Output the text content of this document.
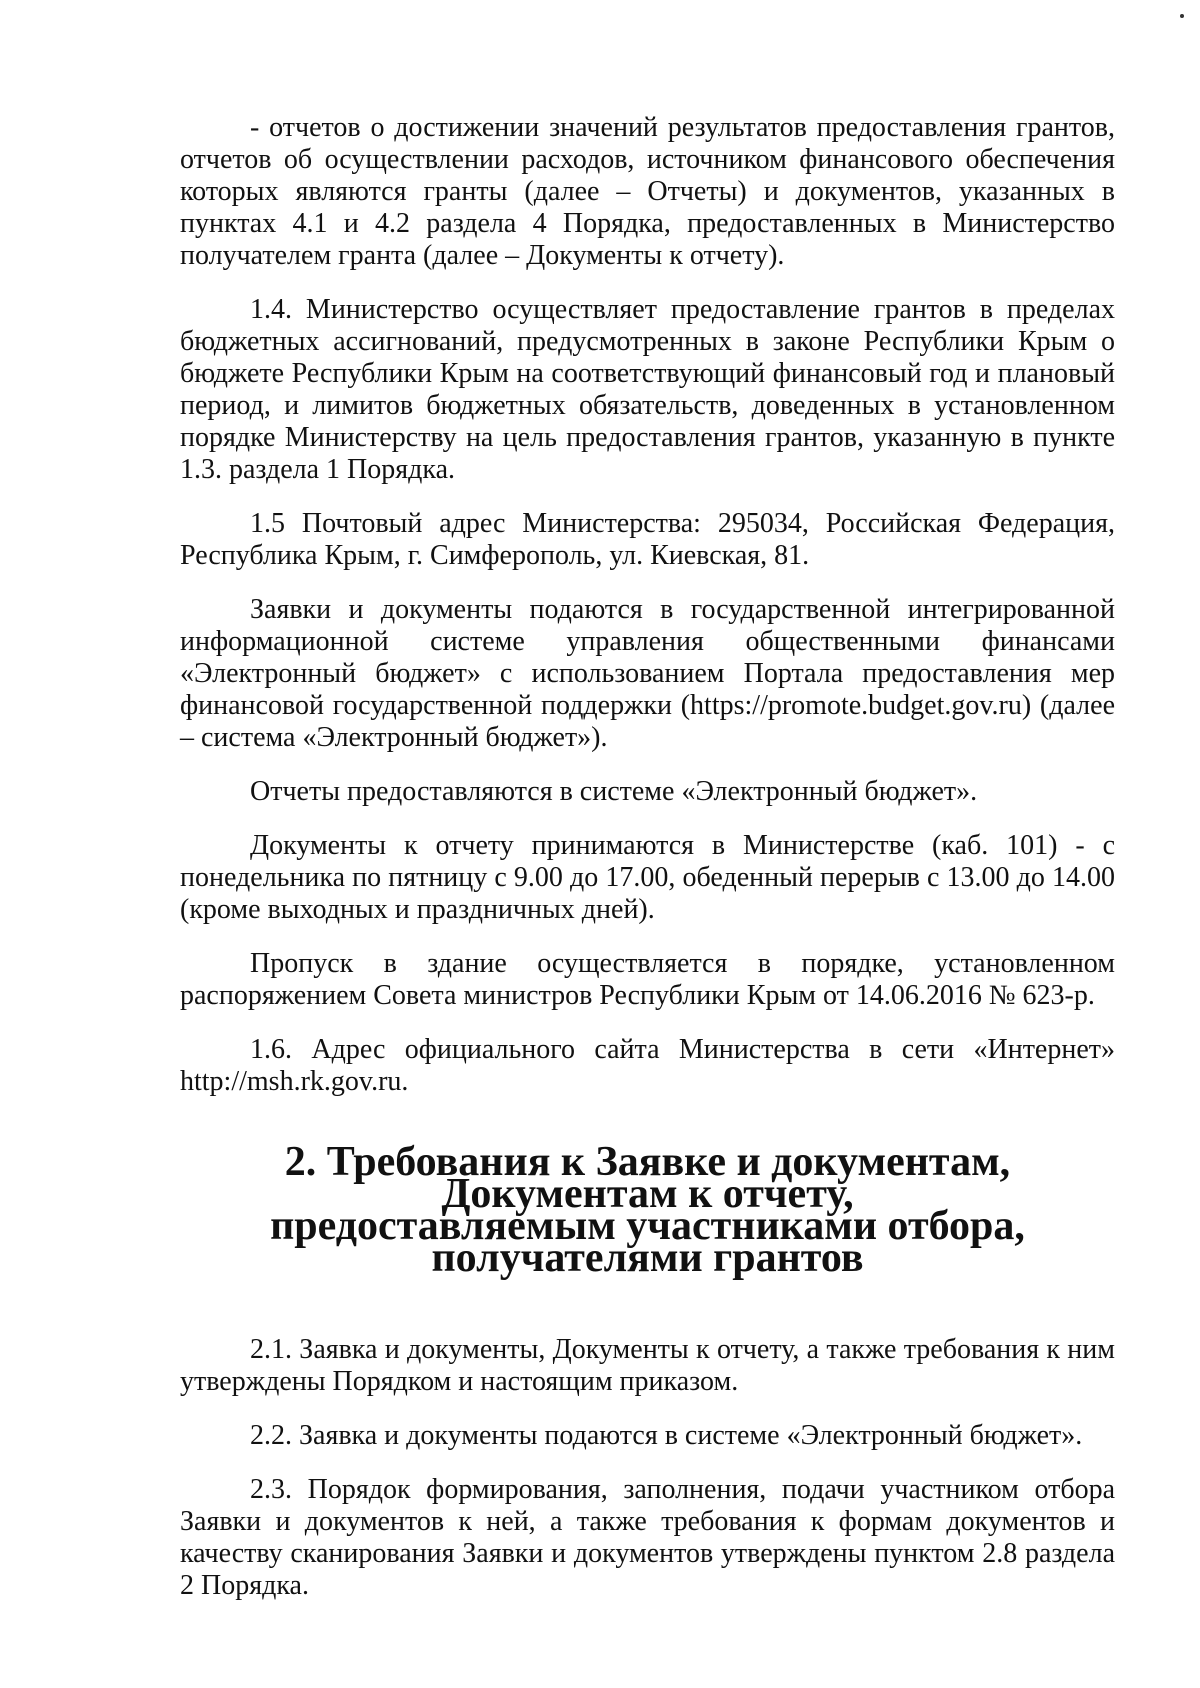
- отчетов о достижении значений результатов предоставления грантов, отчетов об осуществлении расходов, источником финансового обеспечения которых являются гранты (далее – Отчеты) и документов, указанных в пунктах 4.1 и 4.2 раздела 4 Порядка, предоставленных в Министерство получателем гранта (далее – Документы к отчету).

1.4. Министерство осуществляет предоставление грантов в пределах бюджетных ассигнований, предусмотренных в законе Республики Крым о бюджете Республики Крым на соответствующий финансовый год и плановый период, и лимитов бюджетных обязательств, доведенных в установленном порядке Министерству на цель предоставления грантов, указанную в пункте 1.3. раздела 1 Порядка.

1.5 Почтовый адрес Министерства: 295034, Российская Федерация, Республика Крым, г. Симферополь, ул. Киевская, 81.

Заявки и документы подаются в государственной интегрированной информационной системе управления общественными финансами «Электронный бюджет» с использованием Портала предоставления мер финансовой государственной поддержки (https://promote.budget.gov.ru) (далее – система «Электронный бюджет»).

Отчеты предоставляются в системе «Электронный бюджет».

Документы к отчету принимаются в Министерстве (каб. 101) - с понедельника по пятницу с 9.00 до 17.00, обеденный перерыв с 13.00 до 14.00 (кроме выходных и праздничных дней).

Пропуск в здание осуществляется в порядке, установленном распоряжением Совета министров Республики Крым от 14.06.2016 № 623-р.

1.6. Адрес официального сайта Министерства в сети «Интернет» http://msh.rk.gov.ru.

2. Требования к Заявке и документам, Документам к отчету,
предоставляемым участниками отбора, получателями грантов

2.1. Заявка и документы, Документы к отчету, а также требования к ним утверждены Порядком и настоящим приказом.

2.2. Заявка и документы подаются в системе «Электронный бюджет».

2.3. Порядок формирования, заполнения, подачи участником отбора Заявки и документов к ней, а также требования к формам документов и качеству сканирования Заявки и документов утверждены пунктом 2.8 раздела 2 Порядка.
